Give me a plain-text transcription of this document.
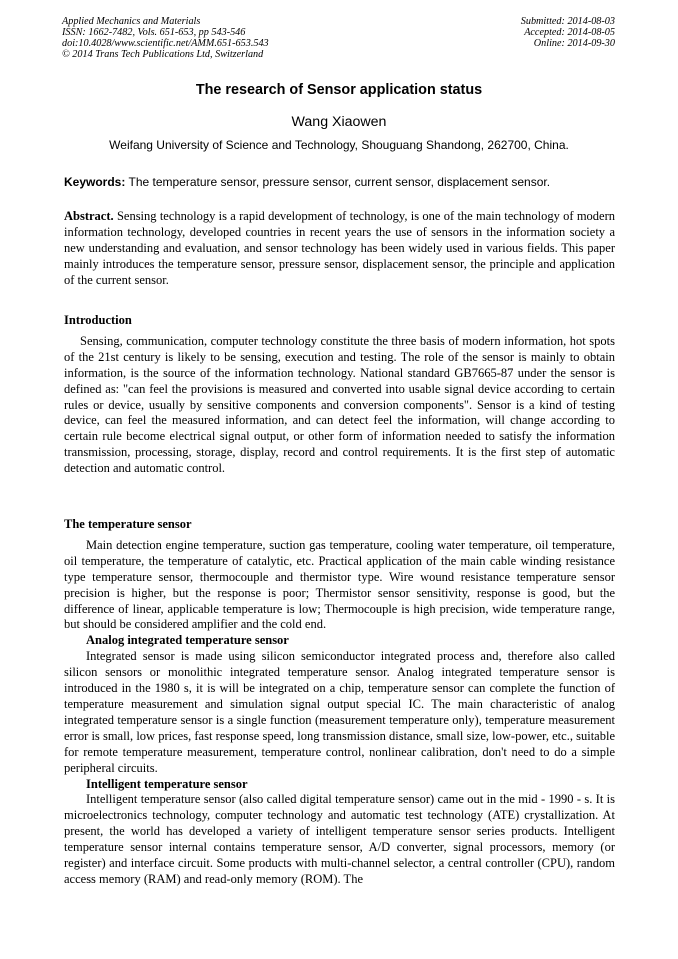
Applied Mechanics and Materials
ISSN: 1662-7482, Vols. 651-653, pp 543-546
doi:10.4028/www.scientific.net/AMM.651-653.543
© 2014 Trans Tech Publications Ltd, Switzerland
Submitted: 2014-08-03
Accepted: 2014-08-05
Online: 2014-09-30
The research of Sensor application status
Wang Xiaowen
Weifang University of Science and Technology, Shouguang Shandong, 262700, China.
Keywords: The temperature sensor, pressure sensor, current sensor, displacement sensor.

Abstract. Sensing technology is a rapid development of technology, is one of the main technology of modern information technology, developed countries in recent years the use of sensors in the information society a new understanding and evaluation, and sensor technology has been widely used in various fields. This paper mainly introduces the temperature sensor, pressure sensor, displacement sensor, the principle and application of the current sensor.

Introduction

Sensing, communication, computer technology constitute the three basis of modern information, hot spots of the 21st century is likely to be sensing, execution and testing. The role of the sensor is mainly to obtain information, is the source of the information technology. National standard GB7665-87 under the sensor is defined as: "can feel the provisions is measured and converted into usable signal device according to certain rules or device, usually by sensitive components and conversion components". Sensor is a kind of testing device, can feel the measured information, and can detect feel the information, will change according to certain rule become electrical signal output, or other form of information needed to satisfy the information transmission, processing, storage, display, record and control requirements. It is the first step of automatic detection and automatic control.

The temperature sensor

Main detection engine temperature, suction gas temperature, cooling water temperature, oil temperature, oil temperature, the temperature of catalytic, etc. Practical application of the main cable winding resistance type temperature sensor, thermocouple and thermistor type. Wire wound resistance temperature sensor precision is higher, but the response is poor; Thermistor sensor sensitivity, response is good, but the difference of linear, applicable temperature is low; Thermocouple is high precision, wide temperature range, but should be considered amplifier and the cold end.

Analog integrated temperature sensor

Integrated sensor is made using silicon semiconductor integrated process and, therefore also called silicon sensors or monolithic integrated temperature sensor. Analog integrated temperature sensor is introduced in the 1980 s, it is will be integrated on a chip, temperature sensor can complete the function of temperature measurement and simulation signal output special IC. The main characteristic of analog integrated temperature sensor is a single function (measurement temperature only), temperature measurement error is small, low prices, fast response speed, long transmission distance, small size, low-power, etc., suitable for remote temperature measurement, temperature control, nonlinear calibration, don't need to do a simple peripheral circuits.

Intelligent temperature sensor

Intelligent temperature sensor (also called digital temperature sensor) came out in the mid - 1990 - s. It is microelectronics technology, computer technology and automatic test technology (ATE) crystallization. At present, the world has developed a variety of intelligent temperature sensor series products. Intelligent temperature sensor internal contains temperature sensor, A/D converter, signal processors, memory (or register) and interface circuit. Some products with multi-channel selector, a central controller (CPU), random access memory (RAM) and read-only memory (ROM). The
